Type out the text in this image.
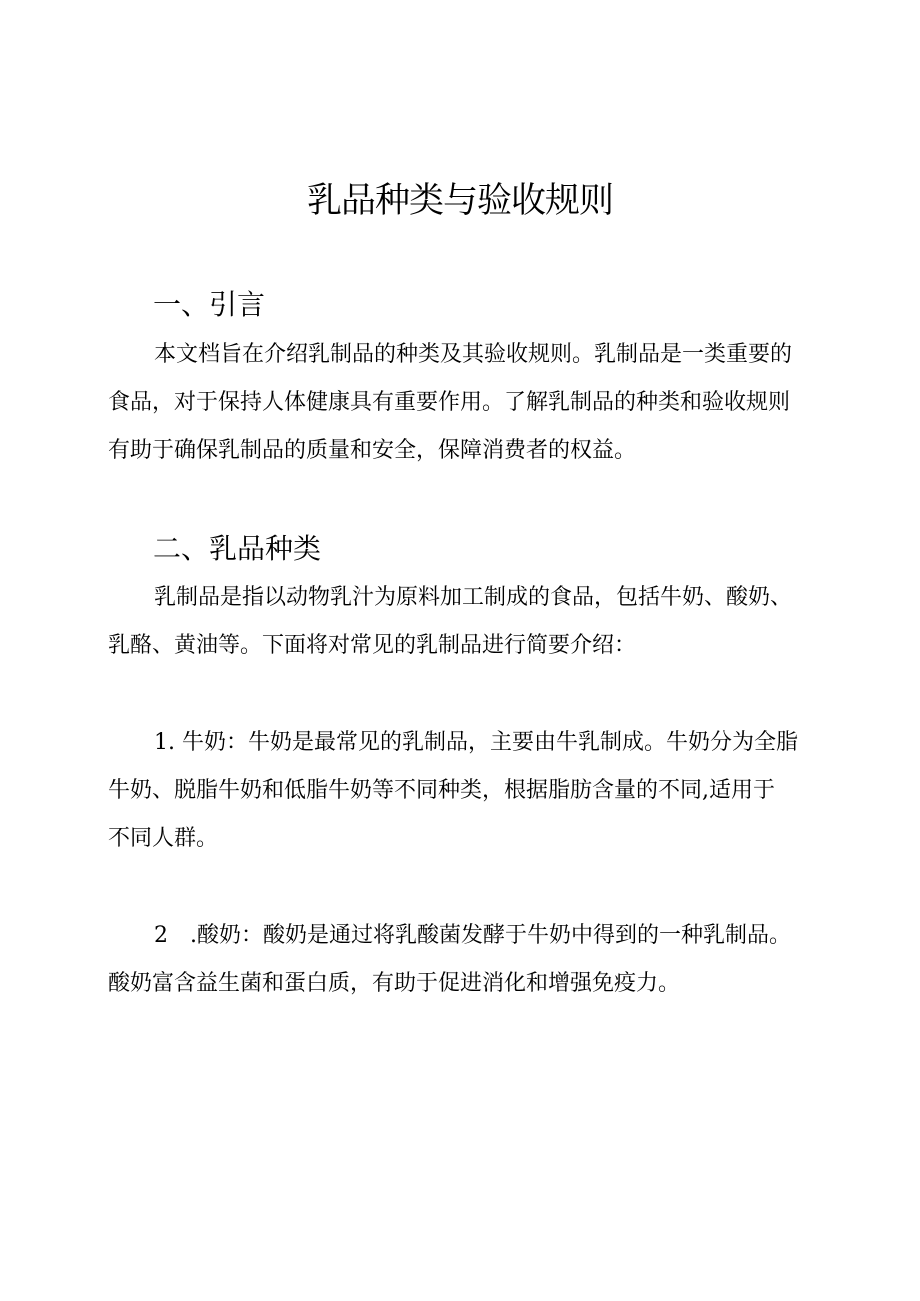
乳品种类与验收规则
一、引言
本文档旨在介绍乳制品的种类及其验收规则。乳制品是一类重要的
食品，对于保持人体健康具有重要作用。了解乳制品的种类和验收规则
有助于确保乳制品的质量和安全，保障消费者的权益。
二、乳品种类
乳制品是指以动物乳汁为原料加工制成的食品，包括牛奶、酸奶、
乳酪、黄油等。下面将对常见的乳制品进行简要介绍：
1. 牛奶：牛奶是最常见的乳制品，主要由牛乳制成。牛奶分为全脂
牛奶、脱脂牛奶和低脂牛奶等不同种类，根据脂肪含量的不同,适用于
不同人群。
2 .酸奶：酸奶是通过将乳酸菌发酵于牛奶中得到的一种乳制品。
酸奶富含益生菌和蛋白质，有助于促进消化和增强免疫力。
